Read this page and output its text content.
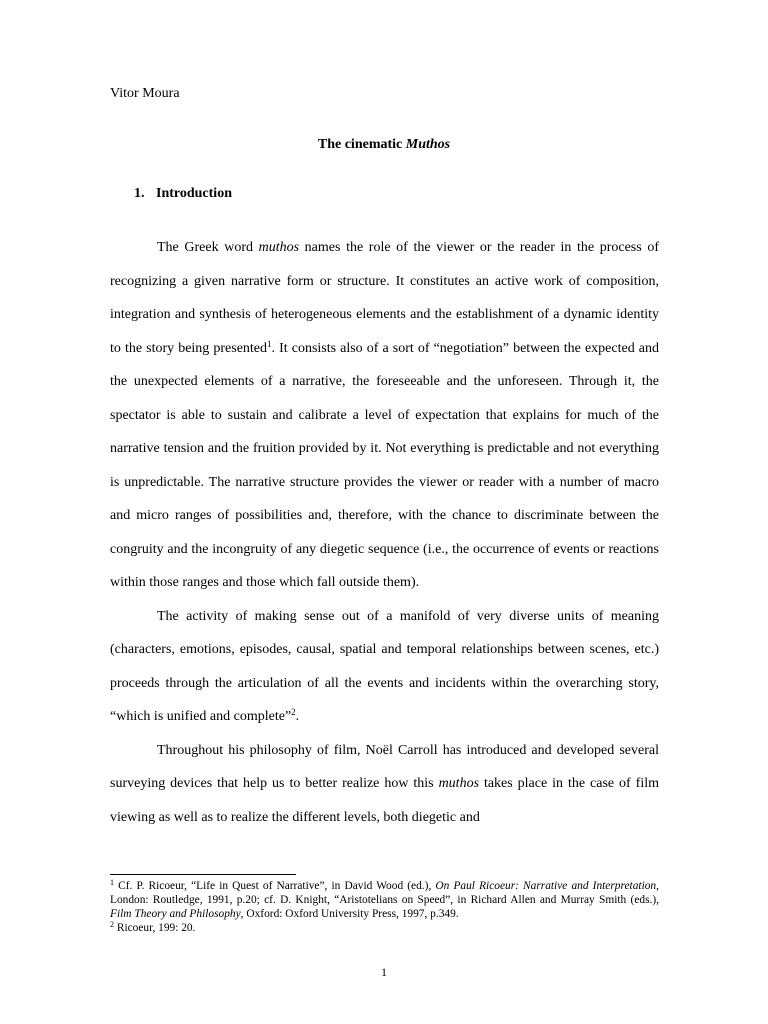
Vitor Moura
The cinematic Muthos
1. Introduction

The Greek word muthos names the role of the viewer or the reader in the process of recognizing a given narrative form or structure. It constitutes an active work of composition, integration and synthesis of heterogeneous elements and the establishment of a dynamic identity to the story being presented$^1$. It consists also of a sort of “negotiation” between the expected and the unexpected elements of a narrative, the foreseeable and the unforeseen. Through it, the spectator is able to sustain and calibrate a level of expectation that explains for much of the narrative tension and the fruition provided by it. Not everything is predictable and not everything is unpredictable. The narrative structure provides the viewer or reader with a number of macro and micro ranges of possibilities and, therefore, with the chance to discriminate between the congruity and the incongruity of any diegetic sequence (i.e., the occurrence of events or reactions within those ranges and those which fall outside them).

The activity of making sense out of a manifold of very diverse units of meaning (characters, emotions, episodes, causal, spatial and temporal relationships between scenes, etc.) proceeds through the articulation of all the events and incidents within the overarching story, “which is unified and complete”$^2$.

Throughout his philosophy of film, Noël Carroll has introduced and developed several surveying devices that help us to better realize how this muthos takes place in the case of film viewing as well as to realize the different levels, both diegetic and

$^1$ Cf. P. Ricoeur, “Life in Quest of Narrative”, in David Wood (ed.), On Paul Ricoeur: Narrative and Interpretation, London: Routledge, 1991, p.20; cf. D. Knight, “Aristotelians on Speed”, in Richard Allen and Murray Smith (eds.), Film Theory and Philosophy, Oxford: Oxford University Press, 1997, p.349.

$^2$ Ricoeur, 199: 20.

1
